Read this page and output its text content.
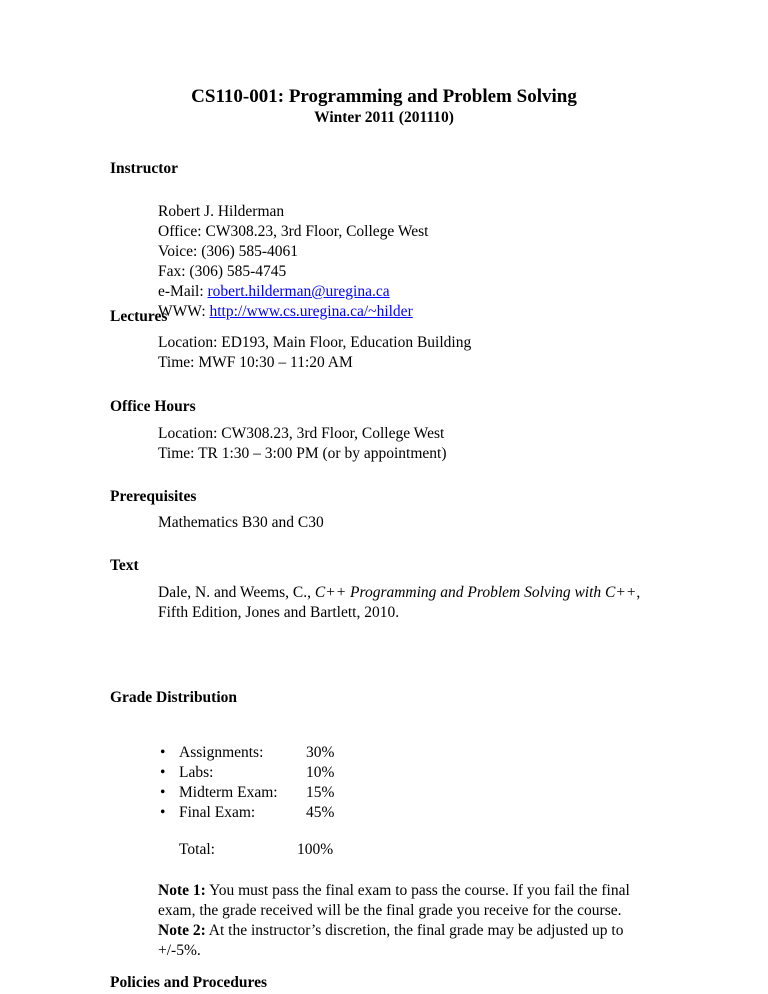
CS110-001: Programming and Problem Solving
Winter 2011 (201110)
Instructor
Robert J. Hilderman
Office: CW308.23, 3rd Floor, College West
Voice: (306) 585-4061
Fax: (306) 585-4745
e-Mail: robert.hilderman@uregina.ca
WWW: http://www.cs.uregina.ca/~hilder
Lectures
Location: ED193, Main Floor, Education Building
Time: MWF 10:30 – 11:20 AM
Office Hours
Location: CW308.23, 3rd Floor, College West
Time: TR 1:30 – 3:00 PM (or by appointment)
Prerequisites
Mathematics B30 and C30
Text
Dale, N. and Weems, C., C++ Programming and Problem Solving with C++,
Fifth Edition, Jones and Bartlett, 2010.
Grade Distribution
• Assignments:	30%
• Labs:	10%
• Midterm Exam: 15%
• Final Exam:	45%
Total:	100%
Note 1: You must pass the final exam to pass the course. If you fail the final exam, the grade received will be the final grade you receive for the course.
Note 2: At the instructor’s discretion, the final grade may be adjusted up to +/-5%.
Policies and Procedures
